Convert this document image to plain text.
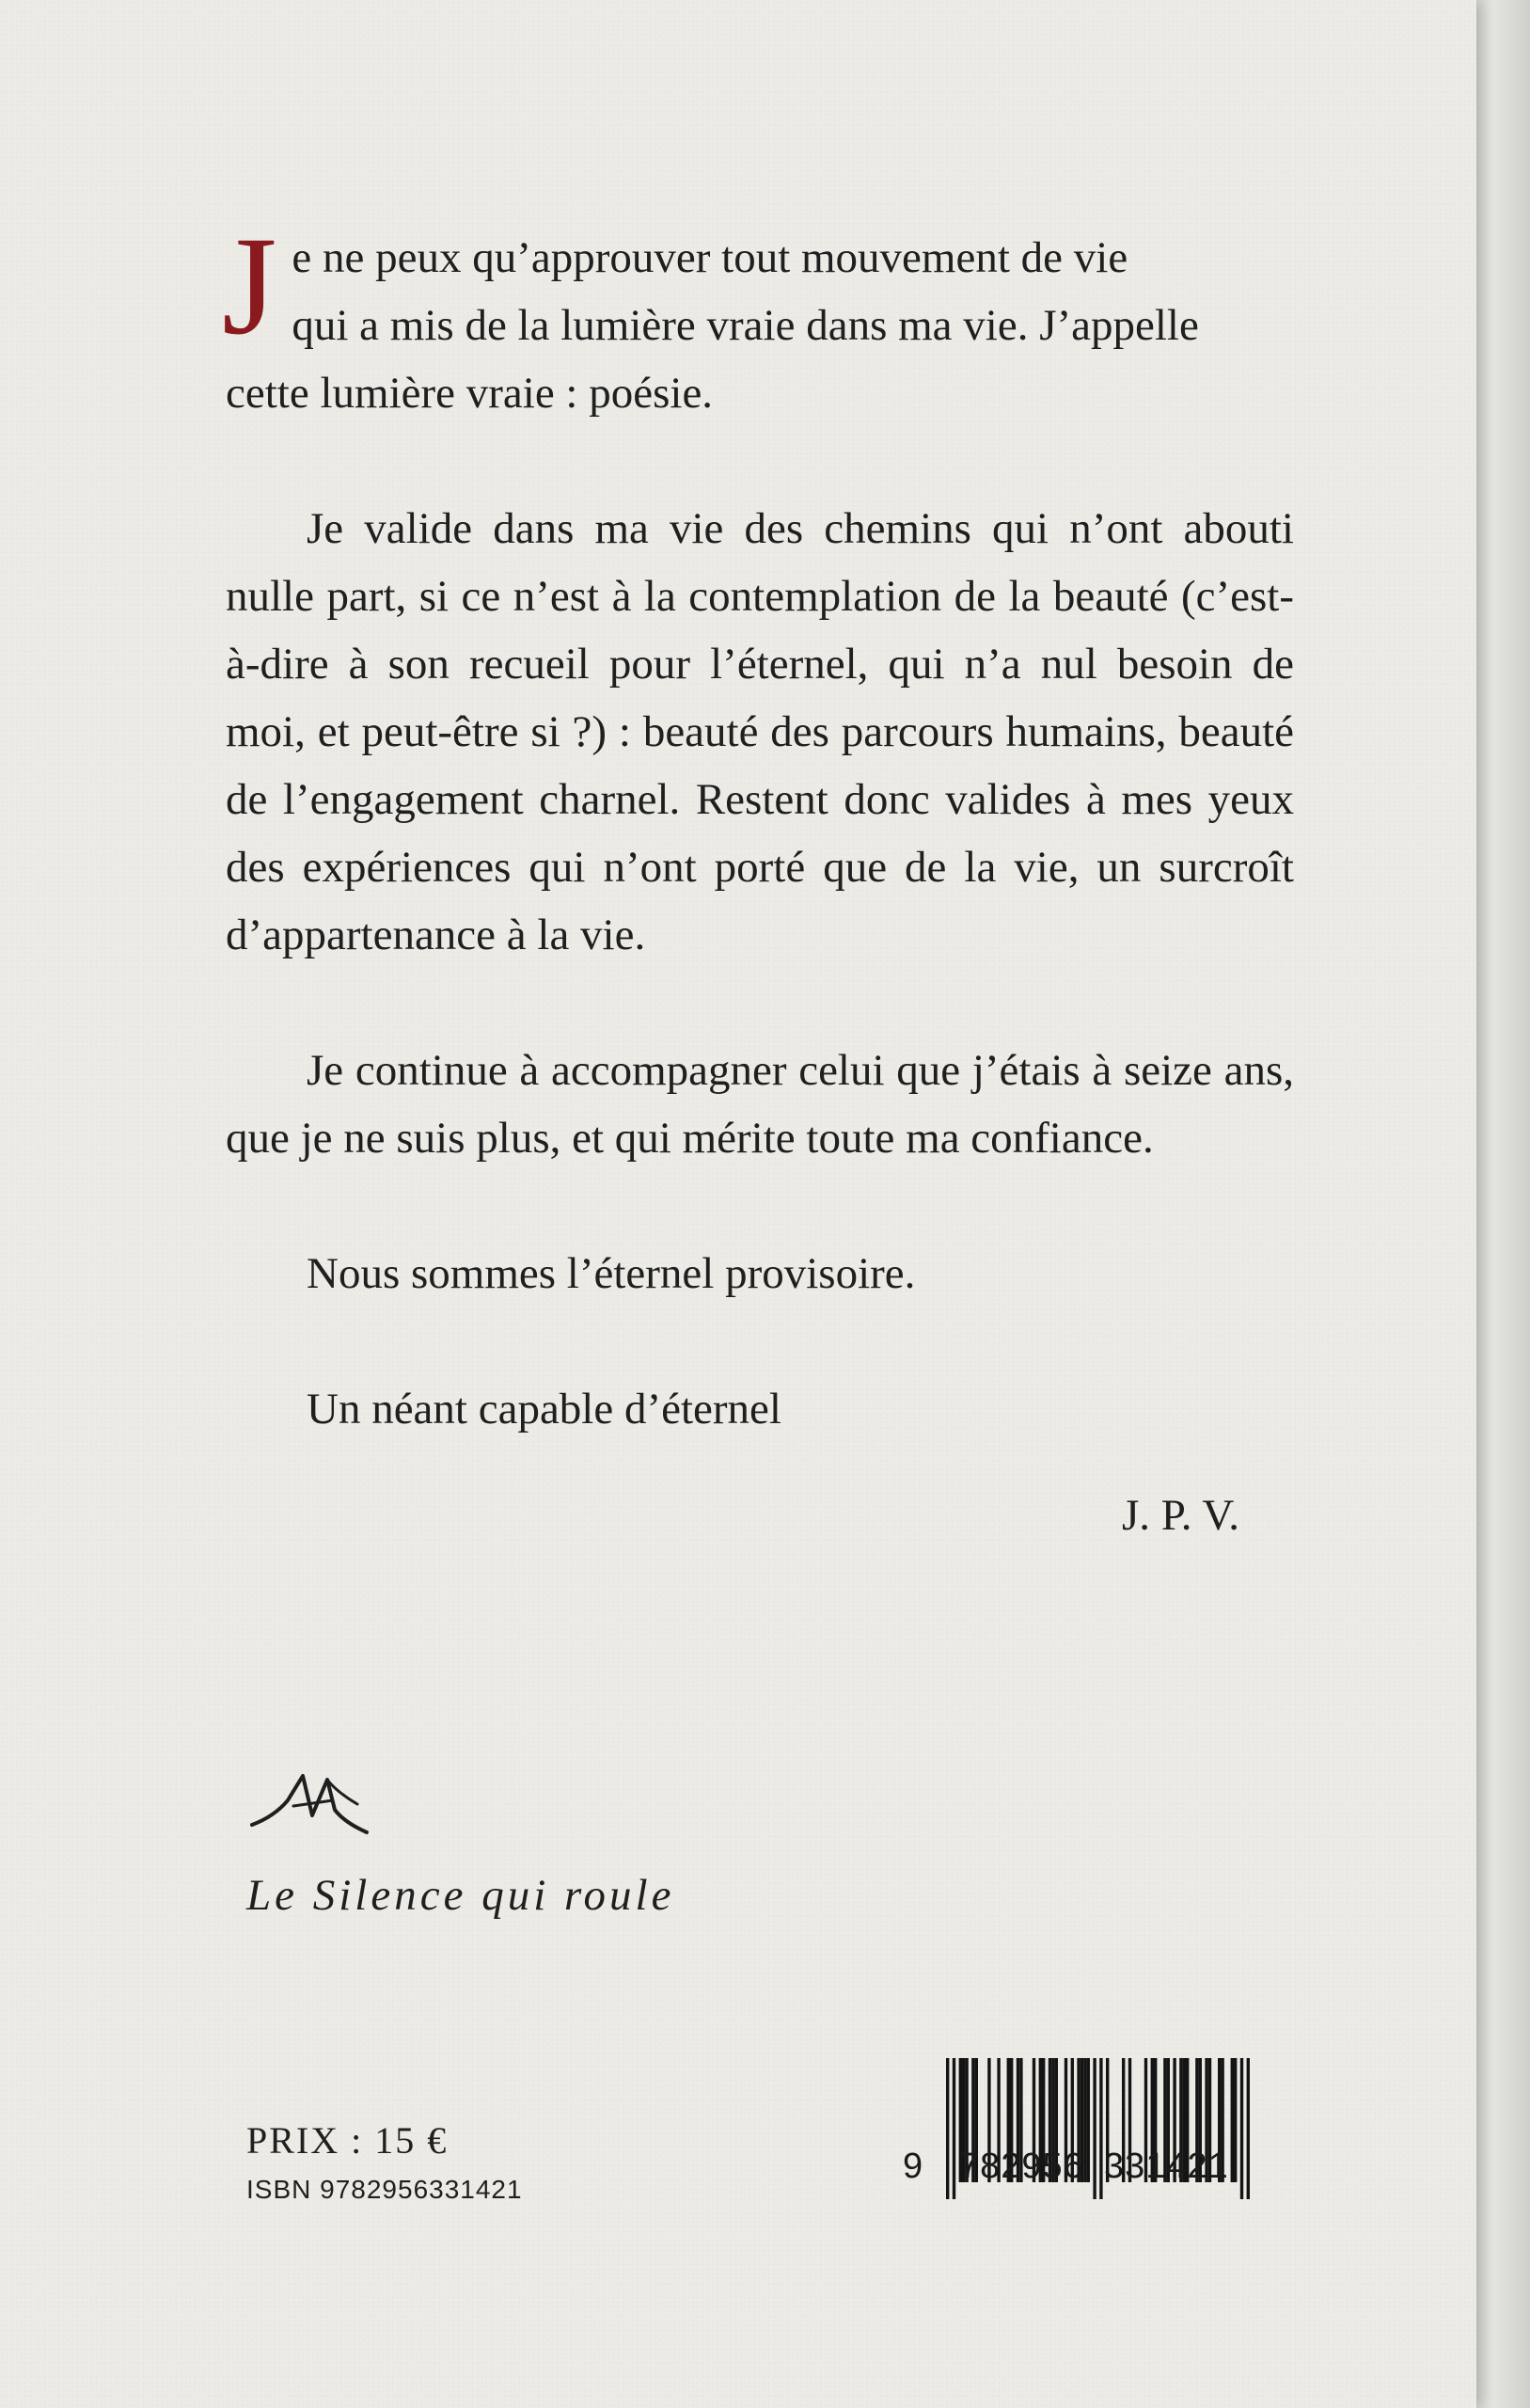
J e ne peux qu’approuver tout mouvement de vie
qui a mis de la lumière vraie dans ma vie. J’appelle
cette lumière vraie : poésie.

Je valide dans ma vie des chemins qui n’ont abouti nulle part, si ce n’est à la contemplation de la beauté (c’est-à-dire à son recueil pour l’éternel, qui n’a nul besoin de moi, et peut-être si ?) : beauté des parcours humains, beauté de l’engagement charnel. Restent donc valides à mes yeux des expériences qui n’ont porté que de la vie, un surcroît d’appartenance à la vie.

Je continue à accompagner celui que j’étais à seize ans, que je ne suis plus, et qui mérite toute ma confiance.

Nous sommes l’éternel provisoire.

Un néant capable d’éternel

J. P. V.
Le Silence qui roule
PRIX : 15 €
ISBN 9782956331421
9 782956 331421
